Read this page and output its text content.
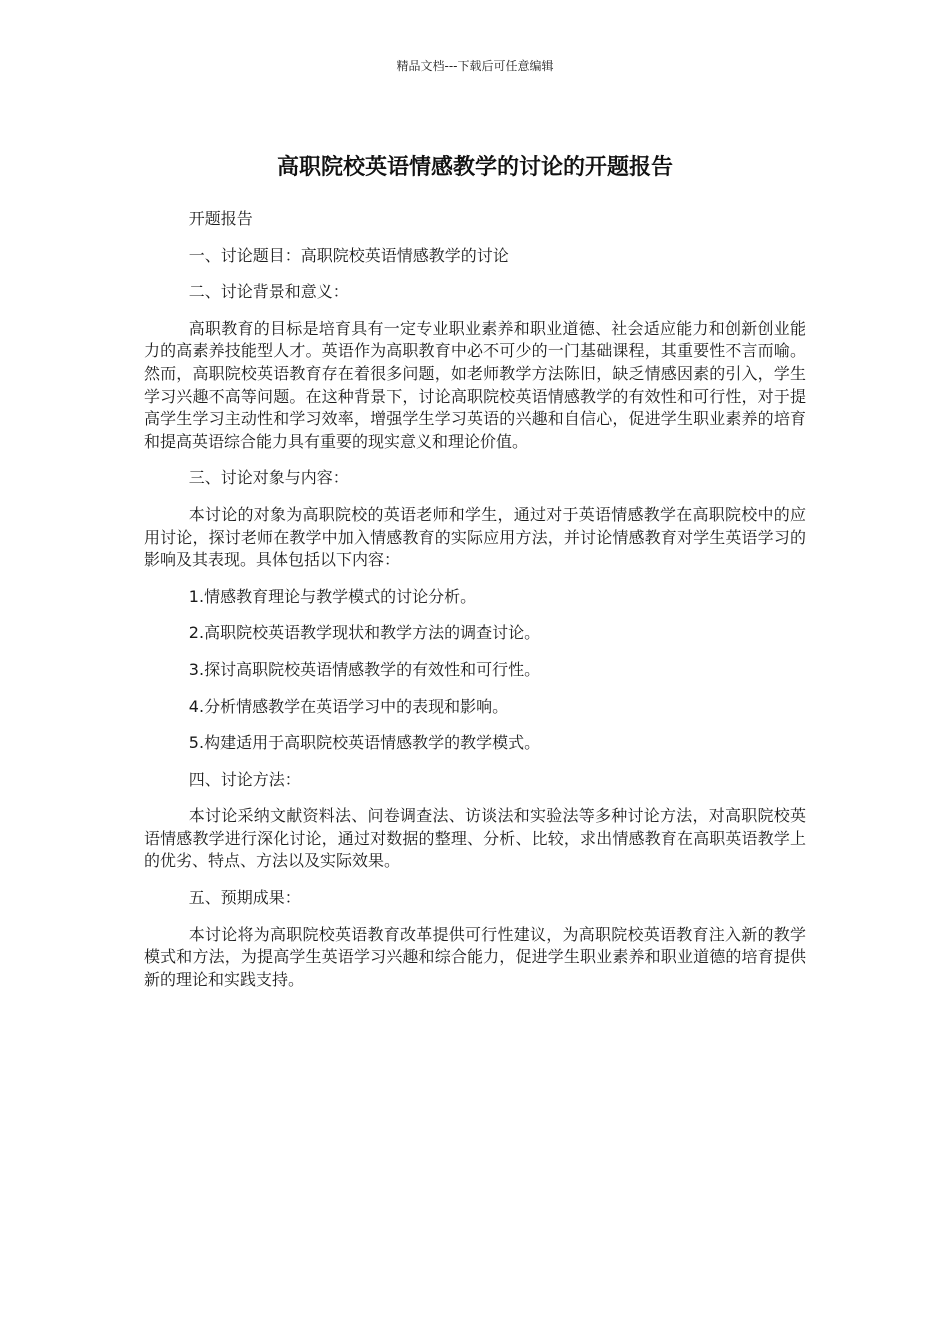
精品文档---下载后可任意编辑
高职院校英语情感教学的讨论的开题报告

开题报告

一、讨论题目：高职院校英语情感教学的讨论

二、讨论背景和意义：

高职教育的目标是培育具有一定专业职业素养和职业道德、社会适应能力和创新创业能力的高素养技能型人才。英语作为高职教育中必不可少的一门基础课程，其重要性不言而喻。然而，高职院校英语教育存在着很多问题，如老师教学方法陈旧，缺乏情感因素的引入，学生学习兴趣不高等问题。在这种背景下，讨论高职院校英语情感教学的有效性和可行性，对于提高学生学习主动性和学习效率，增强学生学习英语的兴趣和自信心，促进学生职业素养的培育和提高英语综合能力具有重要的现实意义和理论价值。

三、讨论对象与内容：

本讨论的对象为高职院校的英语老师和学生，通过对于英语情感教学在高职院校中的应用讨论，探讨老师在教学中加入情感教育的实际应用方法，并讨论情感教育对学生英语学习的影响及其表现。具体包括以下内容：

1.情感教育理论与教学模式的讨论分析。

2.高职院校英语教学现状和教学方法的调查讨论。

3.探讨高职院校英语情感教学的有效性和可行性。

4.分析情感教学在英语学习中的表现和影响。

5.构建适用于高职院校英语情感教学的教学模式。

四、讨论方法：

本讨论采纳文献资料法、问卷调查法、访谈法和实验法等多种讨论方法，对高职院校英语情感教学进行深化讨论，通过对数据的整理、分析、比较，求出情感教育在高职英语教学上的优劣、特点、方法以及实际效果。

五、预期成果：

本讨论将为高职院校英语教育改革提供可行性建议，为高职院校英语教育注入新的教学模式和方法，为提高学生英语学习兴趣和综合能力，促进学生职业素养和职业道德的培育提供新的理论和实践支持。
